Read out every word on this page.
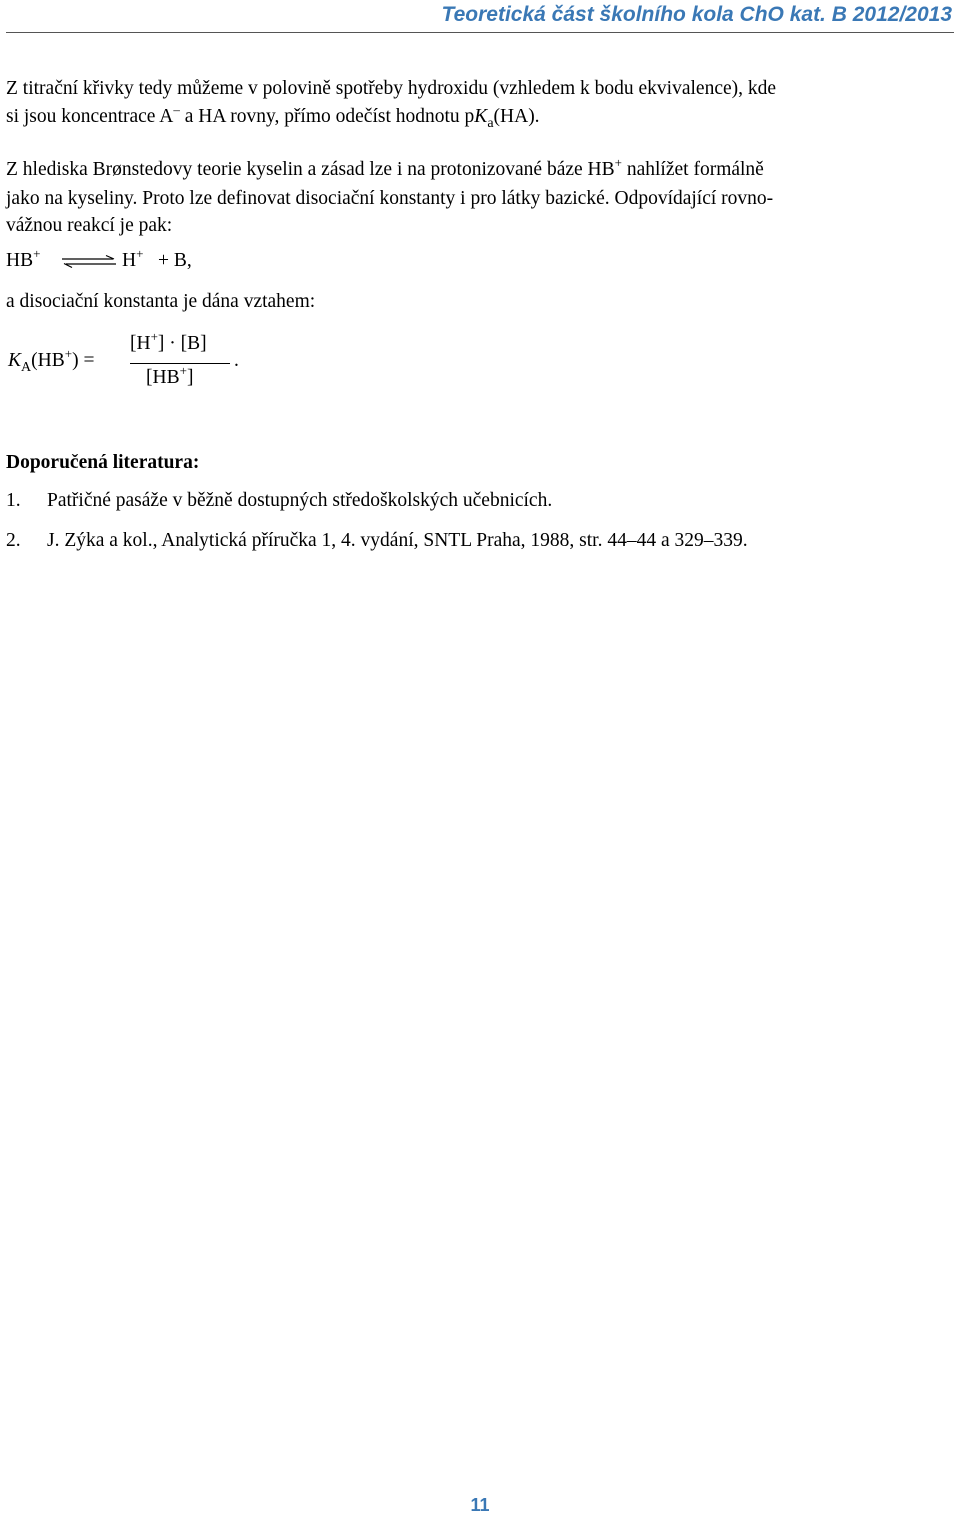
Teoretická část školního kola ChO kat. B 2012/2013
Z titrační křivky tedy můžeme v polovině spotřeby hydroxidu (vzhledem k bodu ekvivalence), kde
si jsou koncentrace A– a HA rovny, přímo odečíst hodnotu $pK_a(HA)$.
Z hlediska Brønstedovy teorie kyselin a zásad lze i na protonizované báze HB+ nahlížet formálně
jako na kyseliny. Proto lze definovat disociační konstanty i pro látky bazické. Odpovídající rovno-
vážnou reakcí je pak:
HB+ ⇌ H+ + B,
a disociační konstanta je dána vztahem:
$K_A(HB^+)$ =
[H+] · [B]
[HB+]
.
Doporučená literatura:
1. Patřičné pasáže v běžně dostupných středoškolských učebnicích.
2. J. Zýka a kol., Analytická příručka 1, 4. vydání, SNTL Praha, 1988, str. 44–44 a 329–339.
11
